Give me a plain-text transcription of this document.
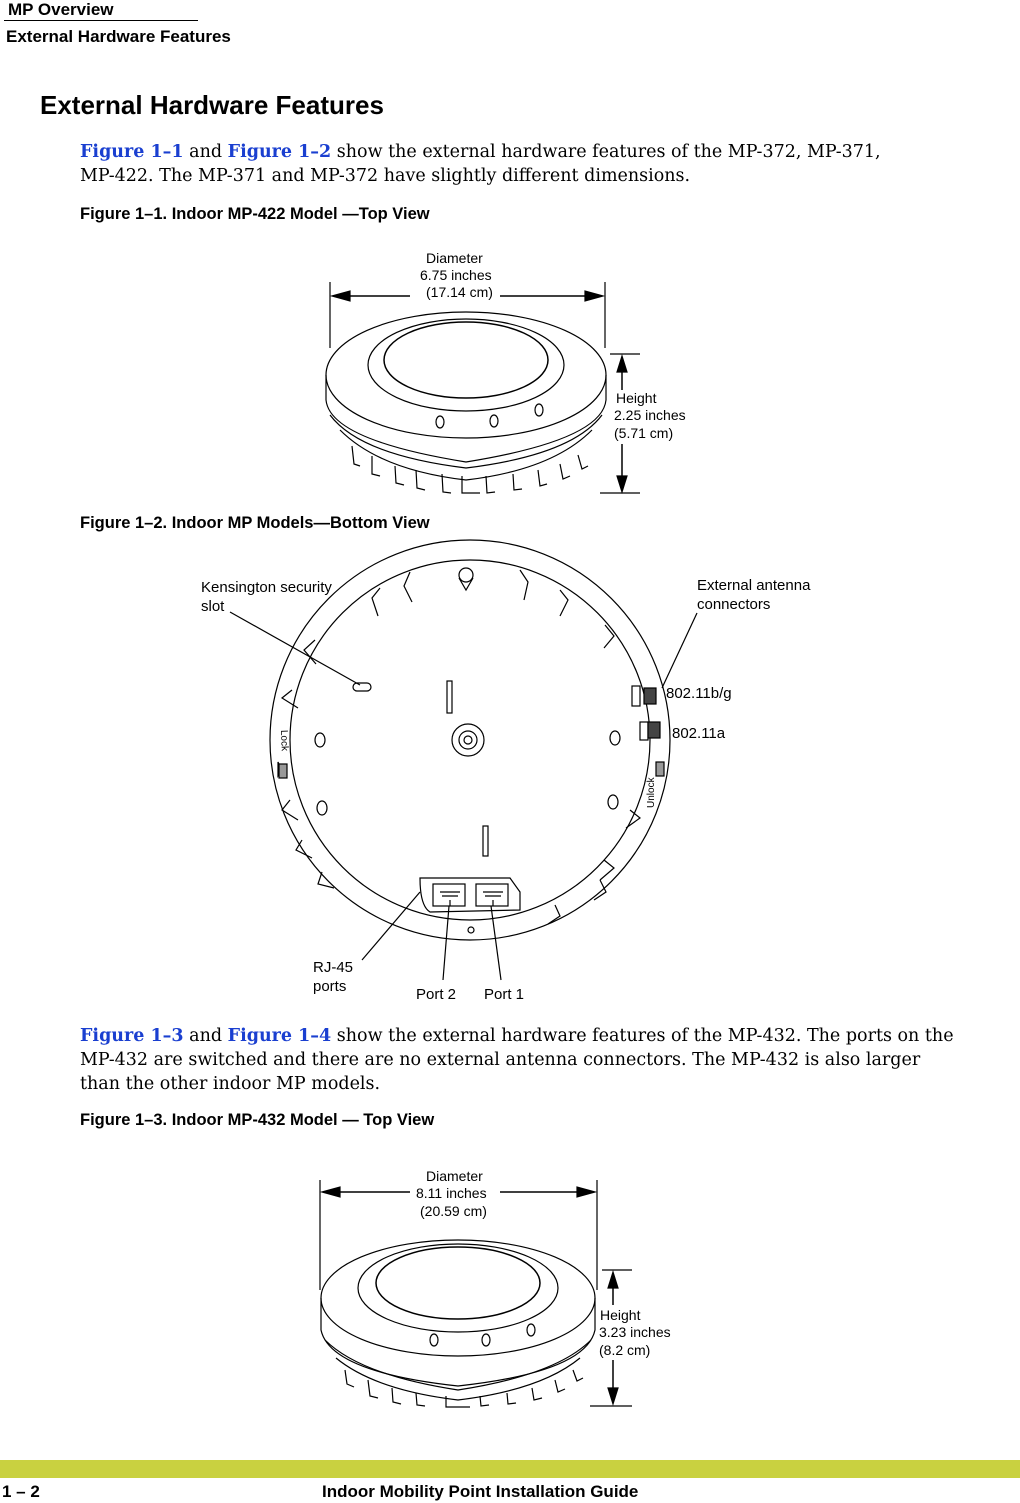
MP Overview
External Hardware Features
External Hardware Features
Figure 1–1 and Figure 1–2 show the external hardware features of the MP-372, MP-371,
MP-422. The MP-371 and MP-372 have slightly different dimensions.
Figure 1–1. Indoor MP-422 Model —Top View
Diameter
6.75 inches
(17.14 cm)
Height
2.25 inches
(5.71 cm)
Figure 1–2. Indoor MP Models—Bottom View
Kensington security
slot
External antenna
connectors
802.11b/g
802.11a
Lock
Unlock
RJ-45
ports	Port 2 Port 1
Figure 1–3 and Figure 1–4 show the external hardware features of the MP-432. The ports on the
MP-432 are switched and there are no external antenna connectors. The MP-432 is also larger
than the other indoor MP models.
Figure 1–3. Indoor MP-432 Model — Top View
Diameter
8.11 inches
(20.59 cm)
Height
3.23 inches
(8.2 cm)
1 – 2	Indoor Mobility Point Installation Guide
